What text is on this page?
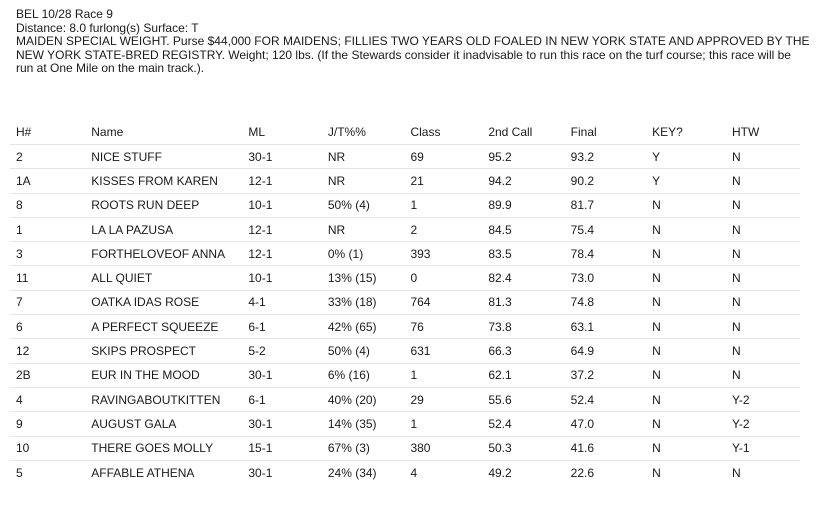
BEL 10/28 Race 9
Distance: 8.0 furlong(s) Surface: T
MAIDEN SPECIAL WEIGHT. Purse $44,000 FOR MAIDENS; FILLIES TWO YEARS OLD FOALED IN NEW YORK STATE AND APPROVED BY THE NEW YORK STATE-BRED REGISTRY. Weight; 120 lbs. (If the Stewards consider it inadvisable to run this race on the turf course; this race will be run at One Mile on the main track.).
H#	Name	ML	J/T%%	Class	2nd Call	Final	KEY?	HTW
2	NICE STUFF	30-1	NR	69	95.2	93.2	Y	N
1A	KISSES FROM KAREN	12-1	NR	21	94.2	90.2	Y	N
8	ROOTS RUN DEEP	10-1	50% (4)	1	89.9	81.7	N	N
1	LA LA PAZUSA	12-1	NR	2	84.5	75.4	N	N
3	FORTHELOVEOF ANNA	12-1	0% (1)	393	83.5	78.4	N	N
11	ALL QUIET	10-1	13% (15)	0	82.4	73.0	N	N
7	OATKA IDAS ROSE	4-1	33% (18)	764	81.3	74.8	N	N
6	A PERFECT SQUEEZE	6-1	42% (65)	76	73.8	63.1	N	N
12	SKIPS PROSPECT	5-2	50% (4)	631	66.3	64.9	N	N
2B	EUR IN THE MOOD	30-1	6% (16)	1	62.1	37.2	N	N
4	RAVINGABOUTKITTEN	6-1	40% (20)	29	55.6	52.4	N	Y-2
9	AUGUST GALA	30-1	14% (35)	1	52.4	47.0	N	Y-2
10	THERE GOES MOLLY	15-1	67% (3)	380	50.3	41.6	N	Y-1
5	AFFABLE ATHENA	30-1	24% (34)	4	49.2	22.6	N	N
